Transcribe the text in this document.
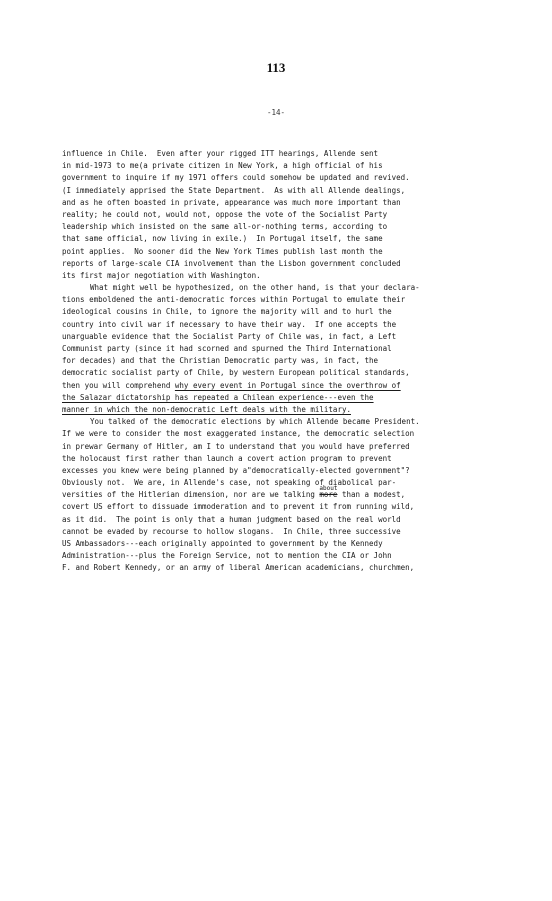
113
-14-
influence in Chile.  Even after your rigged ITT hearings, Allende sent
in mid-1973 to me(a private citizen in New York, a high official of his
government to inquire if my 1971 offers could somehow be updated and revived.
(I immediately apprised the State Department.  As with all Allende dealings,
and as he often boasted in private, appearance was much more important than
reality; he could not, would not, oppose the vote of the Socialist Party
leadership which insisted on the same all-or-nothing terms, according to
that same official, now living in exile.)  In Portugal itself, the same
point applies.  No sooner did the New York Times publish last month the
reports of large-scale CIA involvement than the Lisbon government concluded
its first major negotiation with Washington.
What might well be hypothesized, on the other hand, is that your declara-
tions emboldened the anti-democratic forces within Portugal to emulate their
ideological cousins in Chile, to ignore the majority will and to hurl the
country into civil war if necessary to have their way.  If one accepts the
unarguable evidence that the Socialist Party of Chile was, in fact, a Left
Communist party (since it had scorned and spurned the Third International
for decades) and that the Christian Democratic party was, in fact, the
democratic socialist party of Chile, by western European political standards,
then you will comprehend why every event in Portugal since the overthrow of
the Salazar dictatorship has repeated a Chilean experience---even the
manner in which the non-democratic Left deals with the military.
You talked of the democratic elections by which Allende became President.
If we were to consider the most exaggerated instance, the democratic selection
in prewar Germany of Hitler, am I to understand that you would have preferred
the holocaust first rather than launch a covert action program to prevent
excesses you knew were being planned by a"democratically-elected government"?
Obviously not.  We are, in Allende's case, not speaking of diabolical par-
versities of the Hitlerian dimension, nor are we talking
about
more than a modest,
covert US effort to dissuade immoderation and to prevent it from running wild,
as it did.  The point is only that a human judgment based on the real world
cannot be evaded by recourse to hollow slogans.  In Chile, three successive
US Ambassadors---each originally appointed to government by the Kennedy
Administration---plus the Foreign Service, not to mention the CIA or John
F. and Robert Kennedy, or an army of liberal American academicians, churchmen,
